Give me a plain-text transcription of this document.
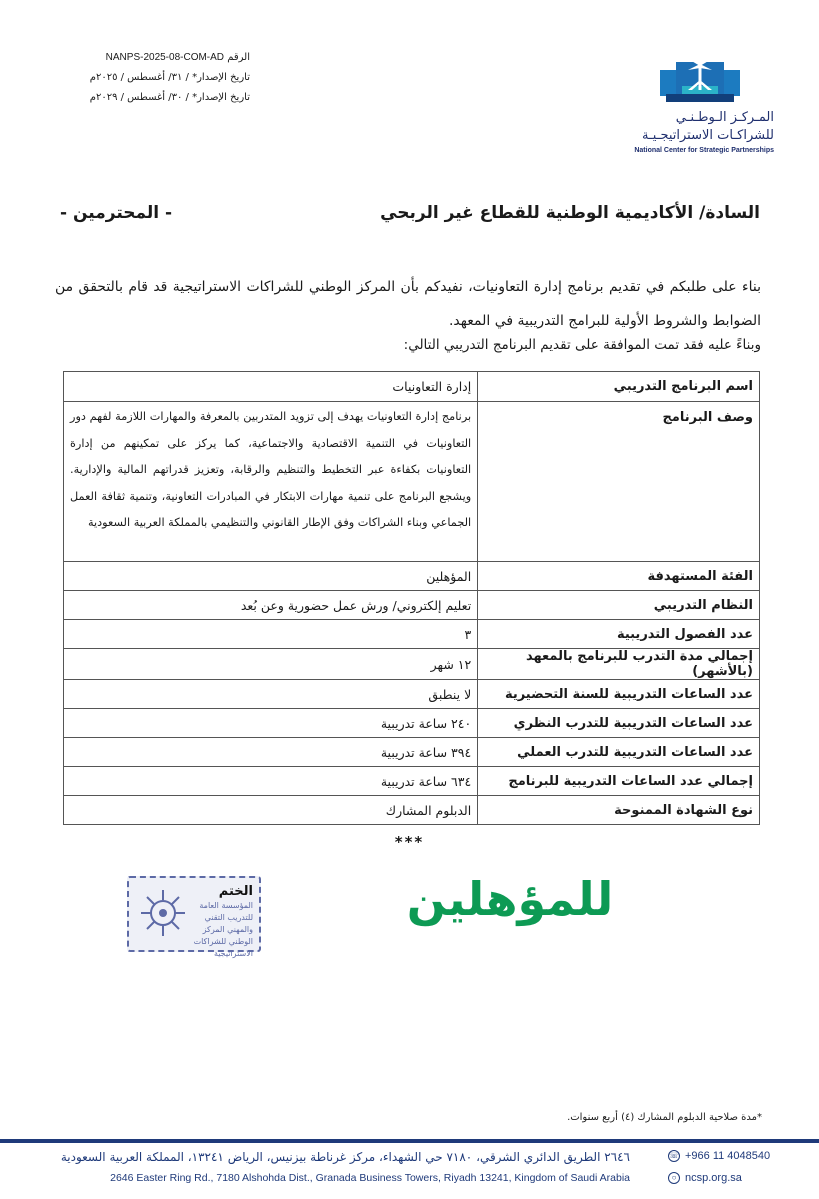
الرقم NANPS-2025-08-COM-AD
تاريخ الإصدار* / ٣١/ أغسطس / ٢٠٢٥م
تاريخ الإصدار* / ٣٠/ أغسطس / ٢٠٢٩م
المـركـز الـوطـنـي
للشراكـات الاستراتيجـيـة
National Center for Strategic Partnerships
السادة/ الأكاديمية الوطنية للقطاع غير الربحي
- المحترمين -
بناء على طلبكم في تقديم برنامج إدارة التعاونيات، نفيدكم بأن المركز الوطني للشراكات الاستراتيجية قد قام بالتحقق من الضوابط والشروط الأولية للبرامج التدريبية في المعهد.
وبناءً عليه فقد تمت الموافقة على تقديم البرنامج التدريبي التالي:
اسم البرنامج التدريبي	إدارة التعاونيات
وصف البرنامج	برنامج إدارة التعاونيات يهدف إلى تزويد المتدربين بالمعرفة والمهارات اللازمة لفهم دور التعاونيات في التنمية الاقتصادية والاجتماعية، كما يركز على تمكينهم من إدارة التعاونيات بكفاءة عبر التخطيط والتنظيم والرقابة، وتعزيز قدراتهم المالية والإدارية. ويشجع البرنامج على تنمية مهارات الابتكار في المبادرات التعاونية، وتنمية ثقافة العمل الجماعي وبناء الشراكات وفق الإطار القانوني والتنظيمي بالمملكة العربية السعودية
الفئة المستهدفة	المؤهلين
النظام التدريبي	تعليم إلكتروني/ ورش عمل حضورية وعن بُعد
عدد الفصول التدريبية	٣
إجمالي مدة التدرب للبرنامج بالمعهد (بالأشهر)	١٢ شهر
عدد الساعات التدريبية للسنة التحضيرية	لا ينطبق
عدد الساعات التدريبية للتدرب النظري	٢٤٠ ساعة تدريبية
عدد الساعات التدريبية للتدرب العملي	٣٩٤ ساعة تدريبية
إجمالي عدد الساعات التدريبية للبرنامج	٦٣٤ ساعة تدريبية
نوع الشهادة الممنوحة	الدبلوم المشارك
***
الختم
المؤسسة العامة للتدريب التقني والمهني المركز الوطني للشراكات الاستراتيجية
للمؤهلين
*مدة صلاحية الدبلوم المشارك (٤) أربع سنوات.
٢٦٤٦ الطريق الدائري الشرقي، ٧١٨٠ حي الشهداء، مركز غرناطة بيزنيس، الرياض ١٣٢٤١، المملكة العربية السعودية
2646 Easter Ring Rd., 7180 Alshohda Dist., Granada Business Towers, Riyadh 13241, Kingdom of Saudi Arabia
☏ +966 11 4048540
○ ncsp.org.sa
